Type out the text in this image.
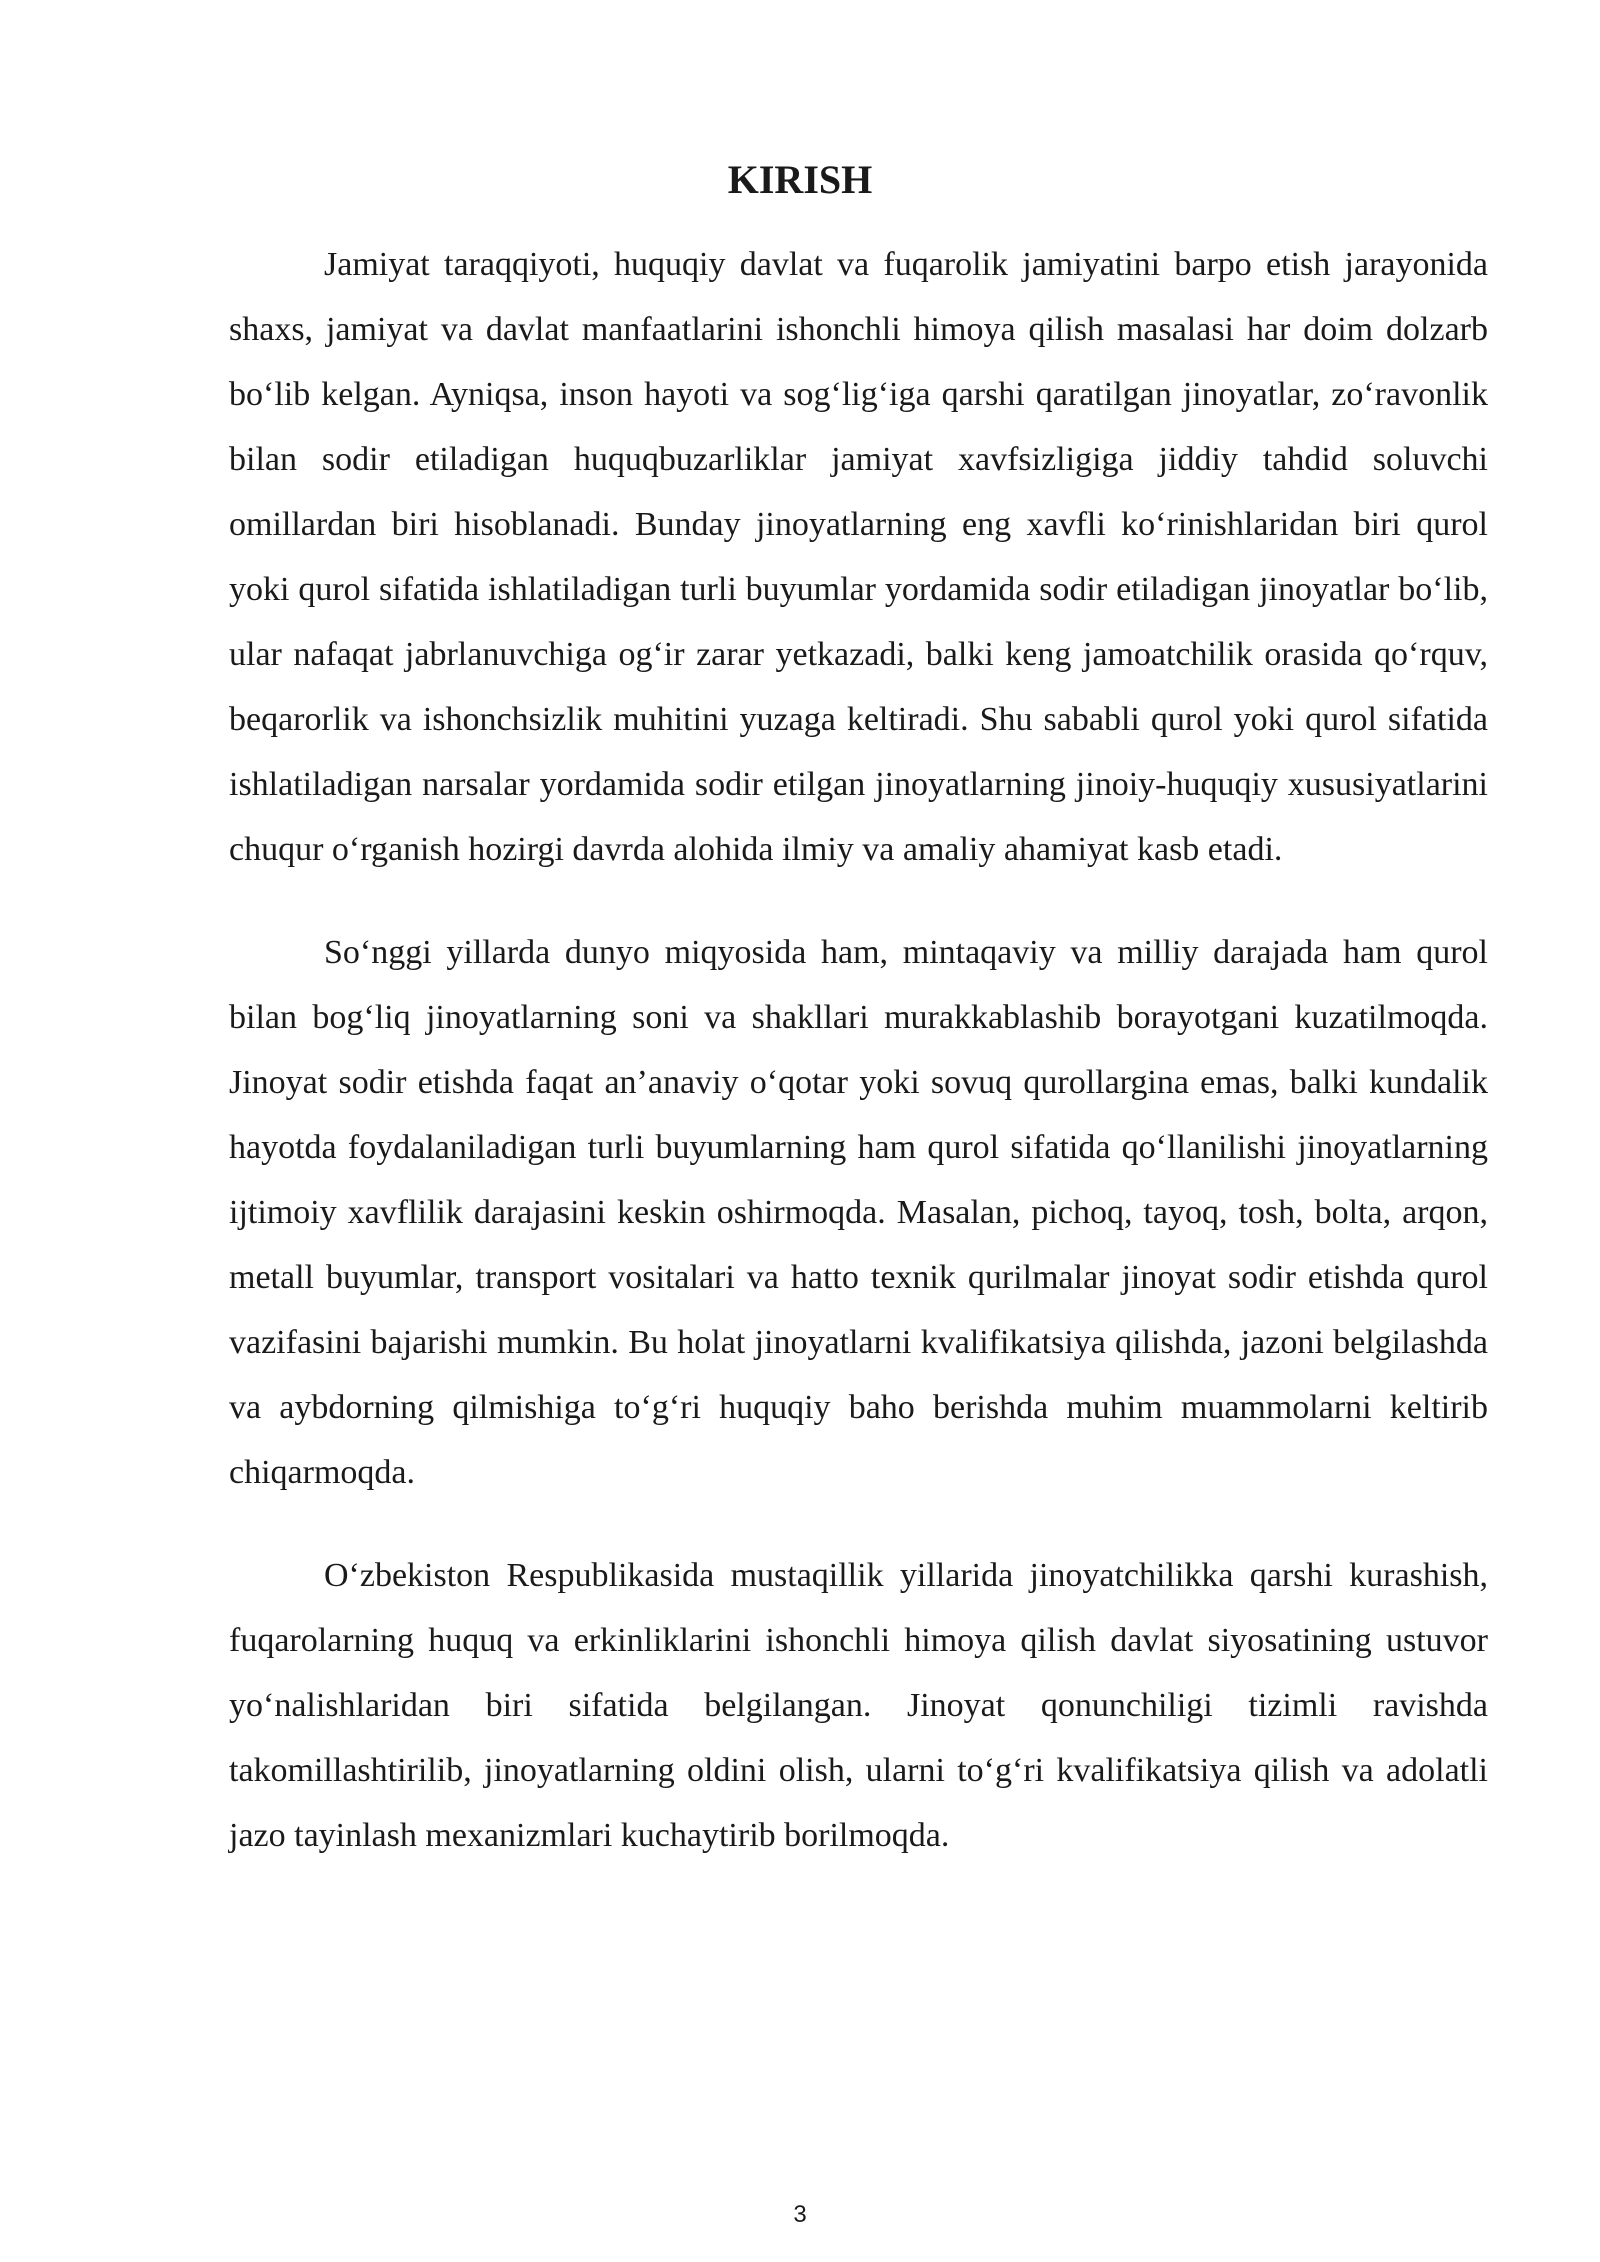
KIRISH

Jamiyat taraqqiyoti, huquqiy davlat va fuqarolik jamiyatini barpo etish jarayonida shaxs, jamiyat va davlat manfaatlarini ishonchli himoya qilish masalasi har doim dolzarb bo‘lib kelgan. Ayniqsa, inson hayoti va sog‘lig‘iga qarshi qaratilgan jinoyatlar, zo‘ravonlik bilan sodir etiladigan huquqbuzarliklar jamiyat xavfsizligiga jiddiy tahdid soluvchi omillardan biri hisoblanadi. Bunday jinoyatlarning eng xavfli ko‘rinishlaridan biri qurol yoki qurol sifatida ishlatiladigan turli buyumlar yordamida sodir etiladigan jinoyatlar bo‘lib, ular nafaqat jabrlanuvchiga og‘ir zarar yetkazadi, balki keng jamoatchilik orasida qo‘rquv, beqarorlik va ishonchsizlik muhitini yuzaga keltiradi. Shu sababli qurol yoki qurol sifatida ishlatiladigan narsalar yordamida sodir etilgan jinoyatlarning jinoiy-huquqiy xususiyatlarini chuqur o‘rganish hozirgi davrda alohida ilmiy va amaliy ahamiyat kasb etadi.

So‘nggi yillarda dunyo miqyosida ham, mintaqaviy va milliy darajada ham qurol bilan bog‘liq jinoyatlarning soni va shakllari murakkablashib borayotgani kuzatilmoqda. Jinoyat sodir etishda faqat an’anaviy o‘qotar yoki sovuq qurollargina emas, balki kundalik hayotda foydalaniladigan turli buyumlarning ham qurol sifatida qo‘llanilishi jinoyatlarning ijtimoiy xavflilik darajasini keskin oshirmoqda. Masalan, pichoq, tayoq, tosh, bolta, arqon, metall buyumlar, transport vositalari va hatto texnik qurilmalar jinoyat sodir etishda qurol vazifasini bajarishi mumkin. Bu holat jinoyatlarni kvalifikatsiya qilishda, jazoni belgilashda va aybdorning qilmishiga to‘g‘ri huquqiy baho berishda muhim muammolarni keltirib chiqarmoqda.

O‘zbekiston Respublikasida mustaqillik yillarida jinoyatchilikka qarshi kurashish, fuqarolarning huquq va erkinliklarini ishonchli himoya qilish davlat siyosatining ustuvor yo‘nalishlaridan biri sifatida belgilangan. Jinoyat qonunchiligi tizimli ravishda takomillashtirilib, jinoyatlarning oldini olish, ularni to‘g‘ri kvalifikatsiya qilish va adolatli jazo tayinlash mexanizmlari kuchaytirib borilmoqda.

3
